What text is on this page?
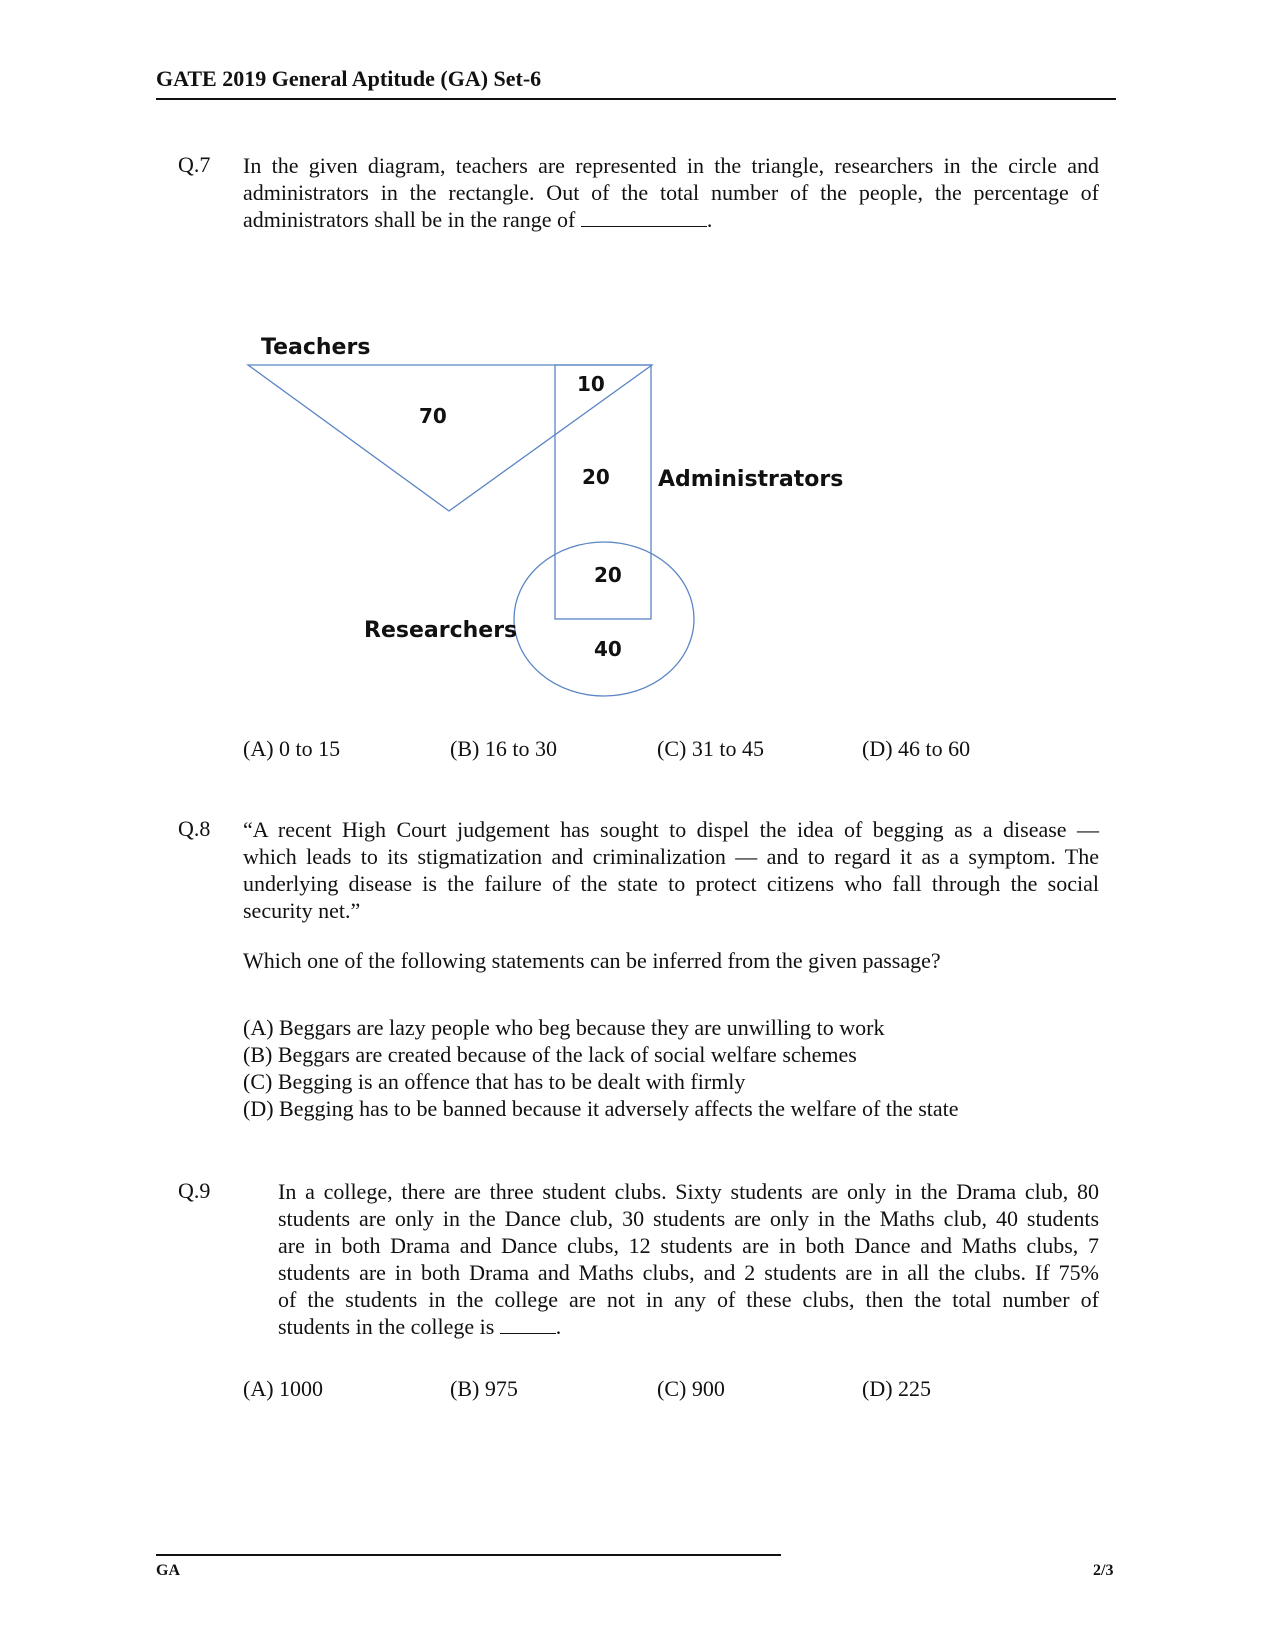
GATE 2019 General Aptitude (GA) Set-6
Q.7 In the given diagram, teachers are represented in the triangle, researchers in the circle and
administrators in the rectangle. Out of the total number of the people, the percentage of
administrators shall be in the range of	.
Teachers
Administrators
Researchers
70
10
20
20
40
(A) 0 to 15	(B) 16 to 30	(C) 31 to 45	(D) 46 to 60
Q.8 “A recent High Court judgement has sought to dispel the idea of begging as a disease —
which leads to its stigmatization and criminalization — and to regard it as a symptom. The
underlying disease is the failure of the state to protect citizens who fall through the social
security net.”
Which one of the following statements can be inferred from the given passage?
(A) Beggars are lazy people who beg because they are unwilling to work
(B) Beggars are created because of the lack of social welfare schemes
(C) Begging is an offence that has to be dealt with firmly
(D) Begging has to be banned because it adversely affects the welfare of the state
Q.9	In a college, there are three student clubs. Sixty students are only in the Drama club, 80
students are only in the Dance club, 30 students are only in the Maths club, 40 students
are in both Drama and Dance clubs, 12 students are in both Dance and Maths clubs, 7
students are in both Drama and Maths clubs, and 2 students are in all the clubs. If 75%
of the students in the college are not in any of these clubs, then the total number of
students in the college is	.
(A) 1000	(B) 975	(C) 900	(D) 225
GA	2/3
